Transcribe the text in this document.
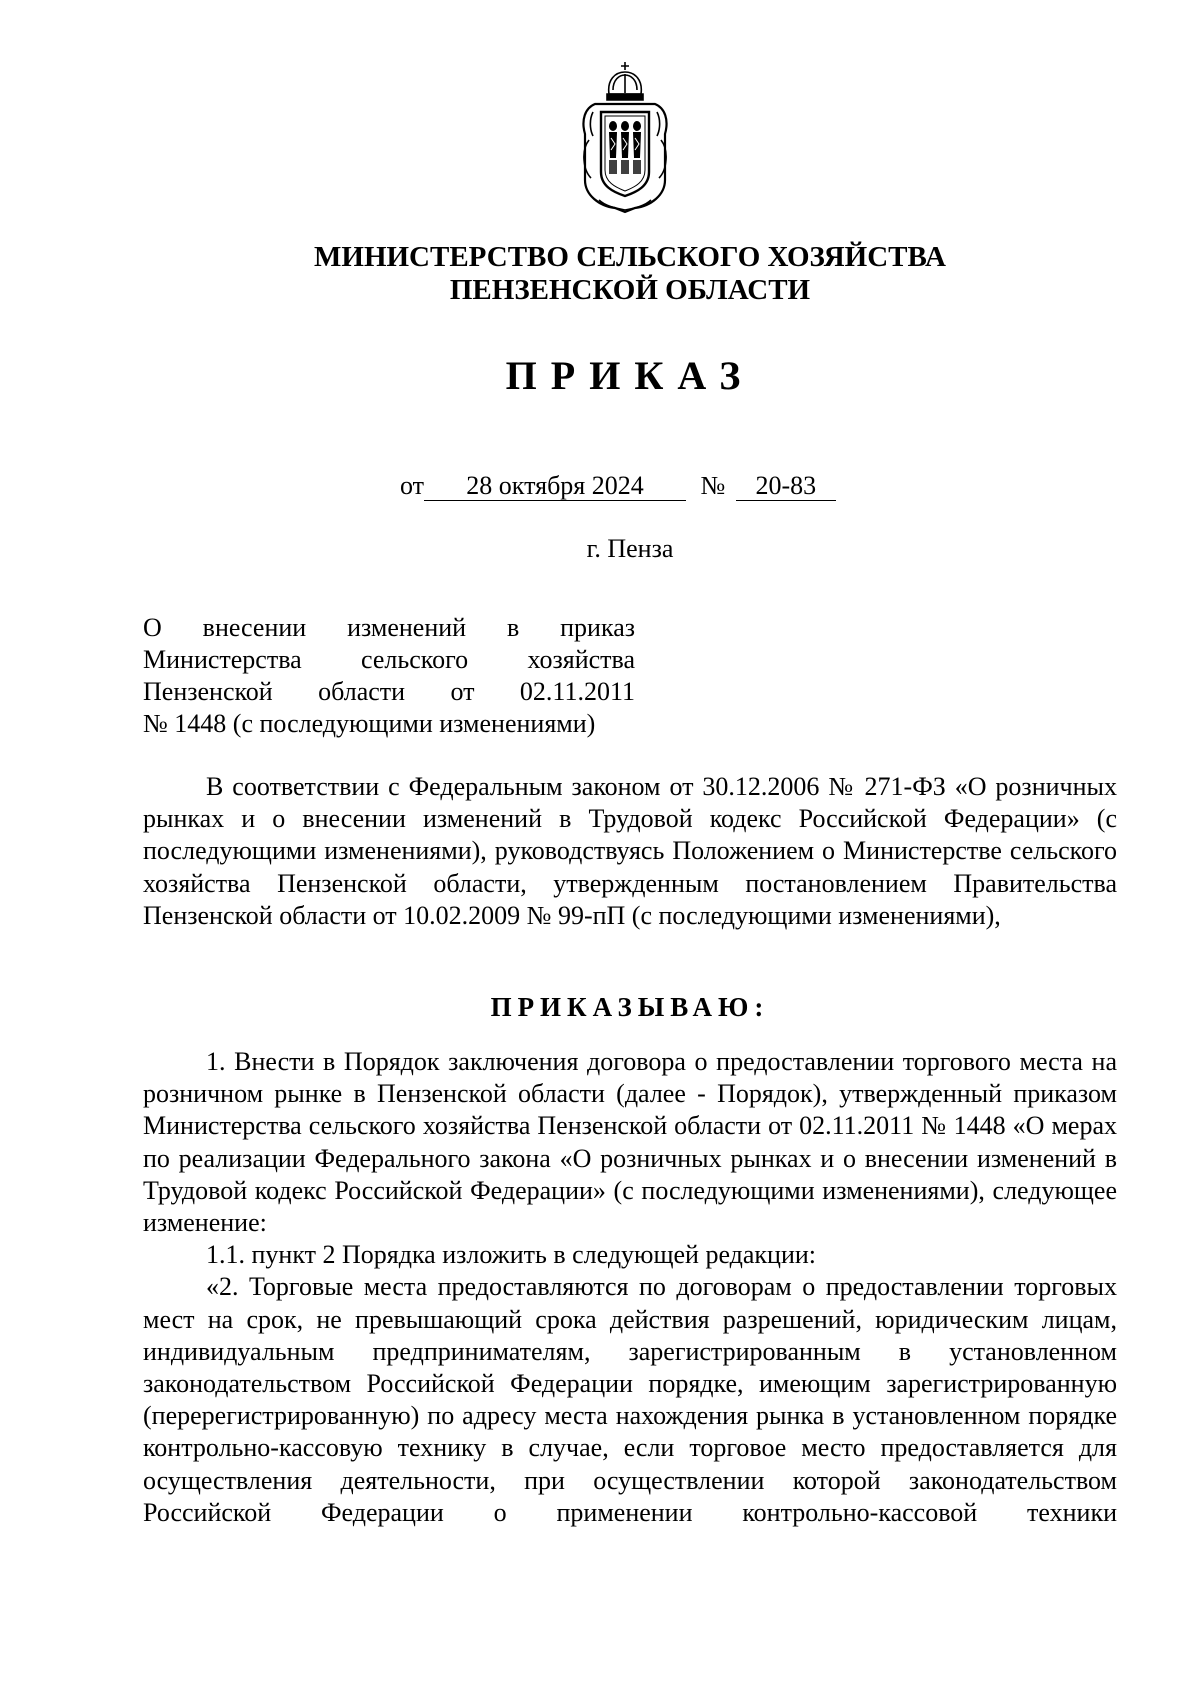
МИНИСТЕРСТВО СЕЛЬСКОГО ХОЗЯЙСТВА
ПЕНЗЕНСКОЙ ОБЛАСТИ
ПРИКАЗ
от 28 октября 2024 № 20-83
г. Пенза
О внесении изменений в приказ
Министерства сельского хозяйства
Пензенской области от 02.11.2011
№ 1448 (с последующими изменениями)

В соответствии с Федеральным законом от 30.12.2006 № 271-ФЗ «О розничных рынках и о внесении изменений в Трудовой кодекс Российской Федерации» (с последующими изменениями), руководствуясь Положением о Министерстве сельского хозяйства Пензенской области, утвержденным постановлением Правительства Пензенской области от 10.02.2009 № 99-пП (с последующими изменениями),

ПРИКАЗЫВАЮ:

1. Внести в Порядок заключения договора о предоставлении торгового места на розничном рынке в Пензенской области (далее - Порядок), утвержденный приказом Министерства сельского хозяйства Пензенской области от 02.11.2011 № 1448 «О мерах по реализации Федерального закона «О розничных рынках и о внесении изменений в Трудовой кодекс Российской Федерации» (с последующими изменениями), следующее изменение:

1.1. пункт 2 Порядка изложить в следующей редакции:

«2. Торговые места предоставляются по договорам о предоставлении торговых мест на срок, не превышающий срока действия разрешений, юридическим лицам, индивидуальным предпринимателям, зарегистрированным в установленном законодательством Российской Федерации порядке, имеющим зарегистрированную (перерегистрированную) по адресу места нахождения рынка в установленном порядке контрольно-кассовую технику в случае, если торговое место предоставляется для осуществления деятельности, при осуществлении которой законодательством Российской Федерации о применении контрольно-кассовой техники
